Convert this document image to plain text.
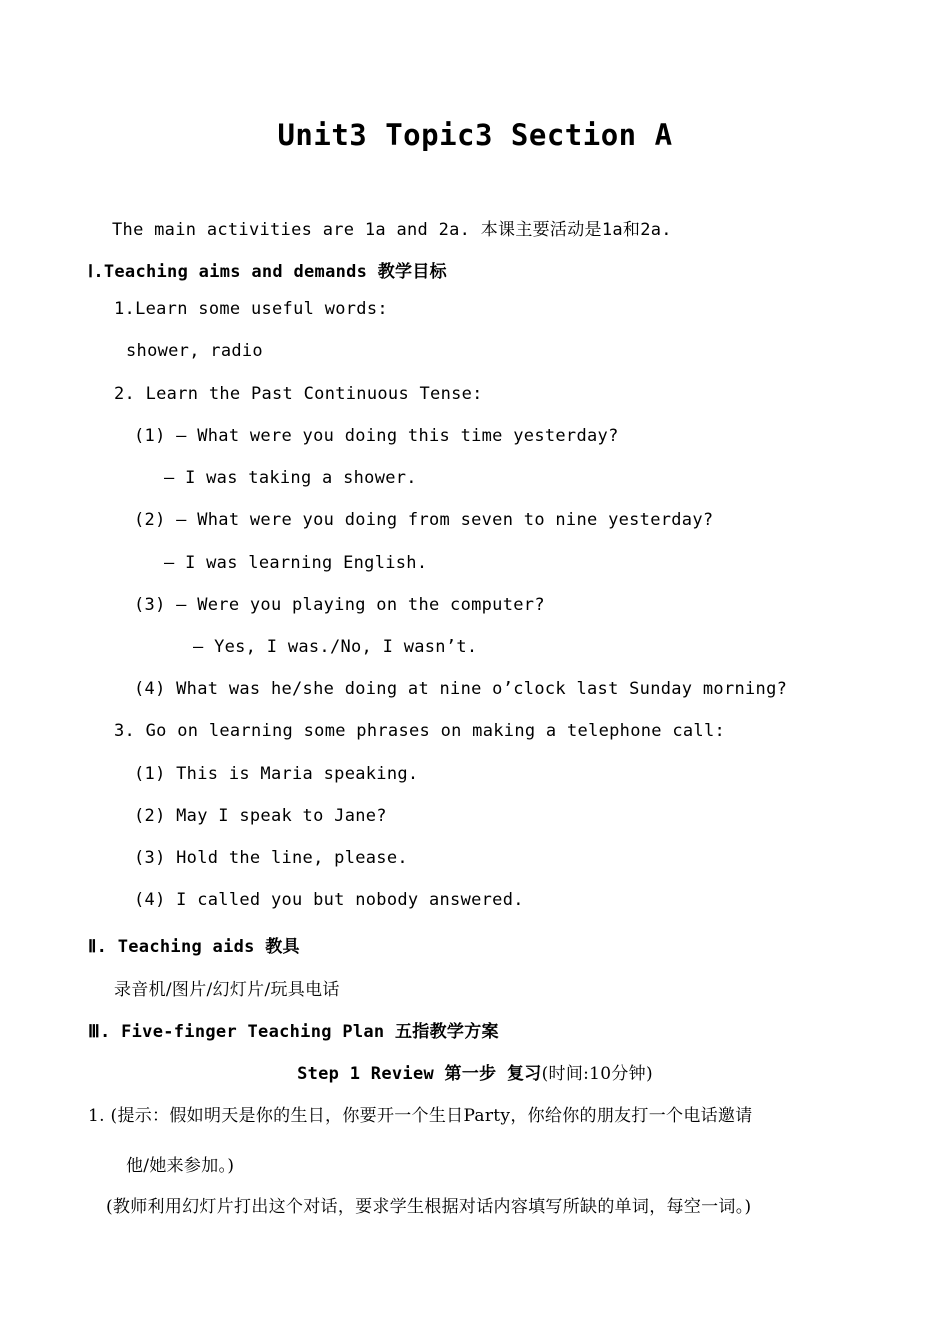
Unit3 Topic3 Section A
The main activities are 1a and 2a. 本课主要活动是1a和2a.
Ⅰ.Teaching aims and demands 教学目标
1.Learn some useful words:
shower, radio
2. Learn the Past Continuous Tense:
(1) — What were you doing this time yesterday?
— I was taking a shower.
(2) — What were you doing from seven to nine yesterday?
— I was learning English.
(3) — Were you playing on the computer?
— Yes, I was./No, I wasn’t.
(4) What was he/she doing at nine o’clock last Sunday morning?
3. Go on learning some phrases on making a telephone call:
(1) This is Maria speaking.
(2) May I speak to Jane?
(3) Hold the line, please.
(4) I called you but nobody answered.
Ⅱ. Teaching aids 教具
录音机/图片/幻灯片/玩具电话
Ⅲ. Five-finger Teaching Plan 五指教学方案
Step 1 Review 第一步 复习(时间:10分钟)
1. (提示：假如明天是你的生日，你要开一个生日Party，你给你的朋友打一个电话邀请
他/她来参加。)
(教师利用幻灯片打出这个对话，要求学生根据对话内容填写所缺的单词，每空一词。)
